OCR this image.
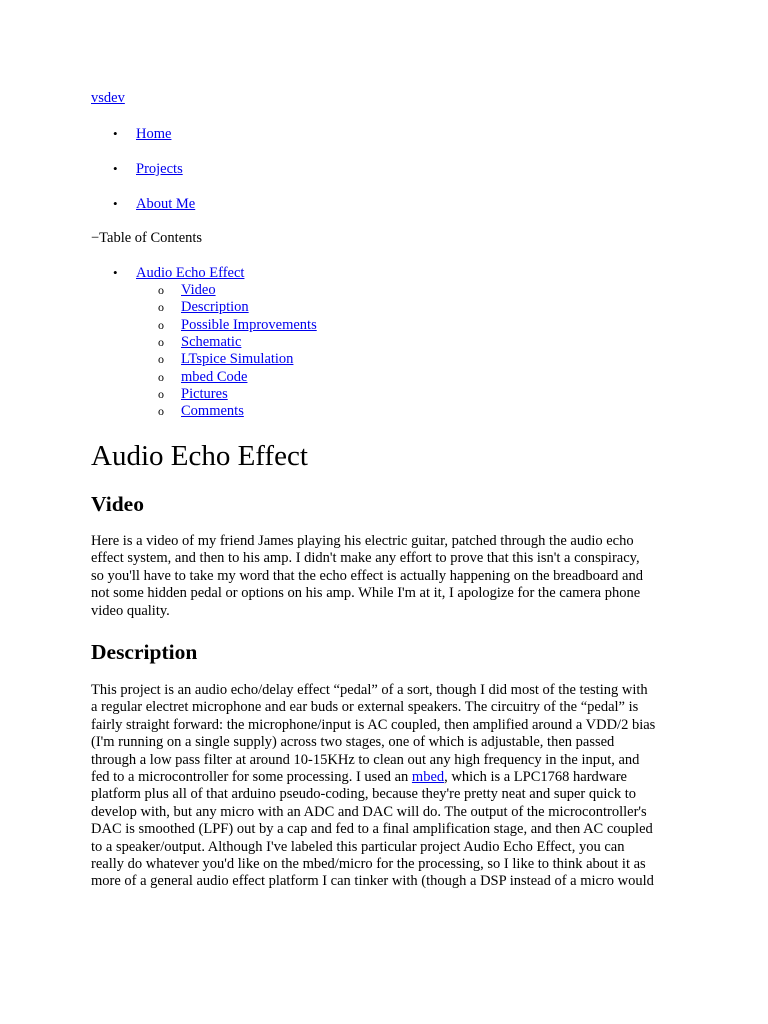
vsdev
• Home
• Projects
• About Me
−Table of Contents
• Audio Echo Effect
o Video
o Description
o Possible Improvements
o Schematic
o LTspice Simulation
o mbed Code
o Pictures
o Comments
Audio Echo Effect
Video

Here is a video of my friend James playing his electric guitar, patched through the audio echo
effect system, and then to his amp. I didn't make any effort to prove that this isn't a conspiracy,
so you'll have to take my word that the echo effect is actually happening on the breadboard and
not some hidden pedal or options on his amp. While I'm at it, I apologize for the camera phone
video quality.

Description

This project is an audio echo/delay effect “pedal” of a sort, though I did most of the testing with
a regular electret microphone and ear buds or external speakers. The circuitry of the “pedal” is
fairly straight forward: the microphone/input is AC coupled, then amplified around a VDD/2 bias
(I'm running on a single supply) across two stages, one of which is adjustable, then passed
through a low pass filter at around 10-15KHz to clean out any high frequency in the input, and
fed to a microcontroller for some processing. I used an mbed, which is a LPC1768 hardware
platform plus all of that arduino pseudo-coding, because they're pretty neat and super quick to
develop with, but any micro with an ADC and DAC will do. The output of the microcontroller's
DAC is smoothed (LPF) out by a cap and fed to a final amplification stage, and then AC coupled
to a speaker/output. Although I've labeled this particular project Audio Echo Effect, you can
really do whatever you'd like on the mbed/micro for the processing, so I like to think about it as
more of a general audio effect platform I can tinker with (though a DSP instead of a micro would
